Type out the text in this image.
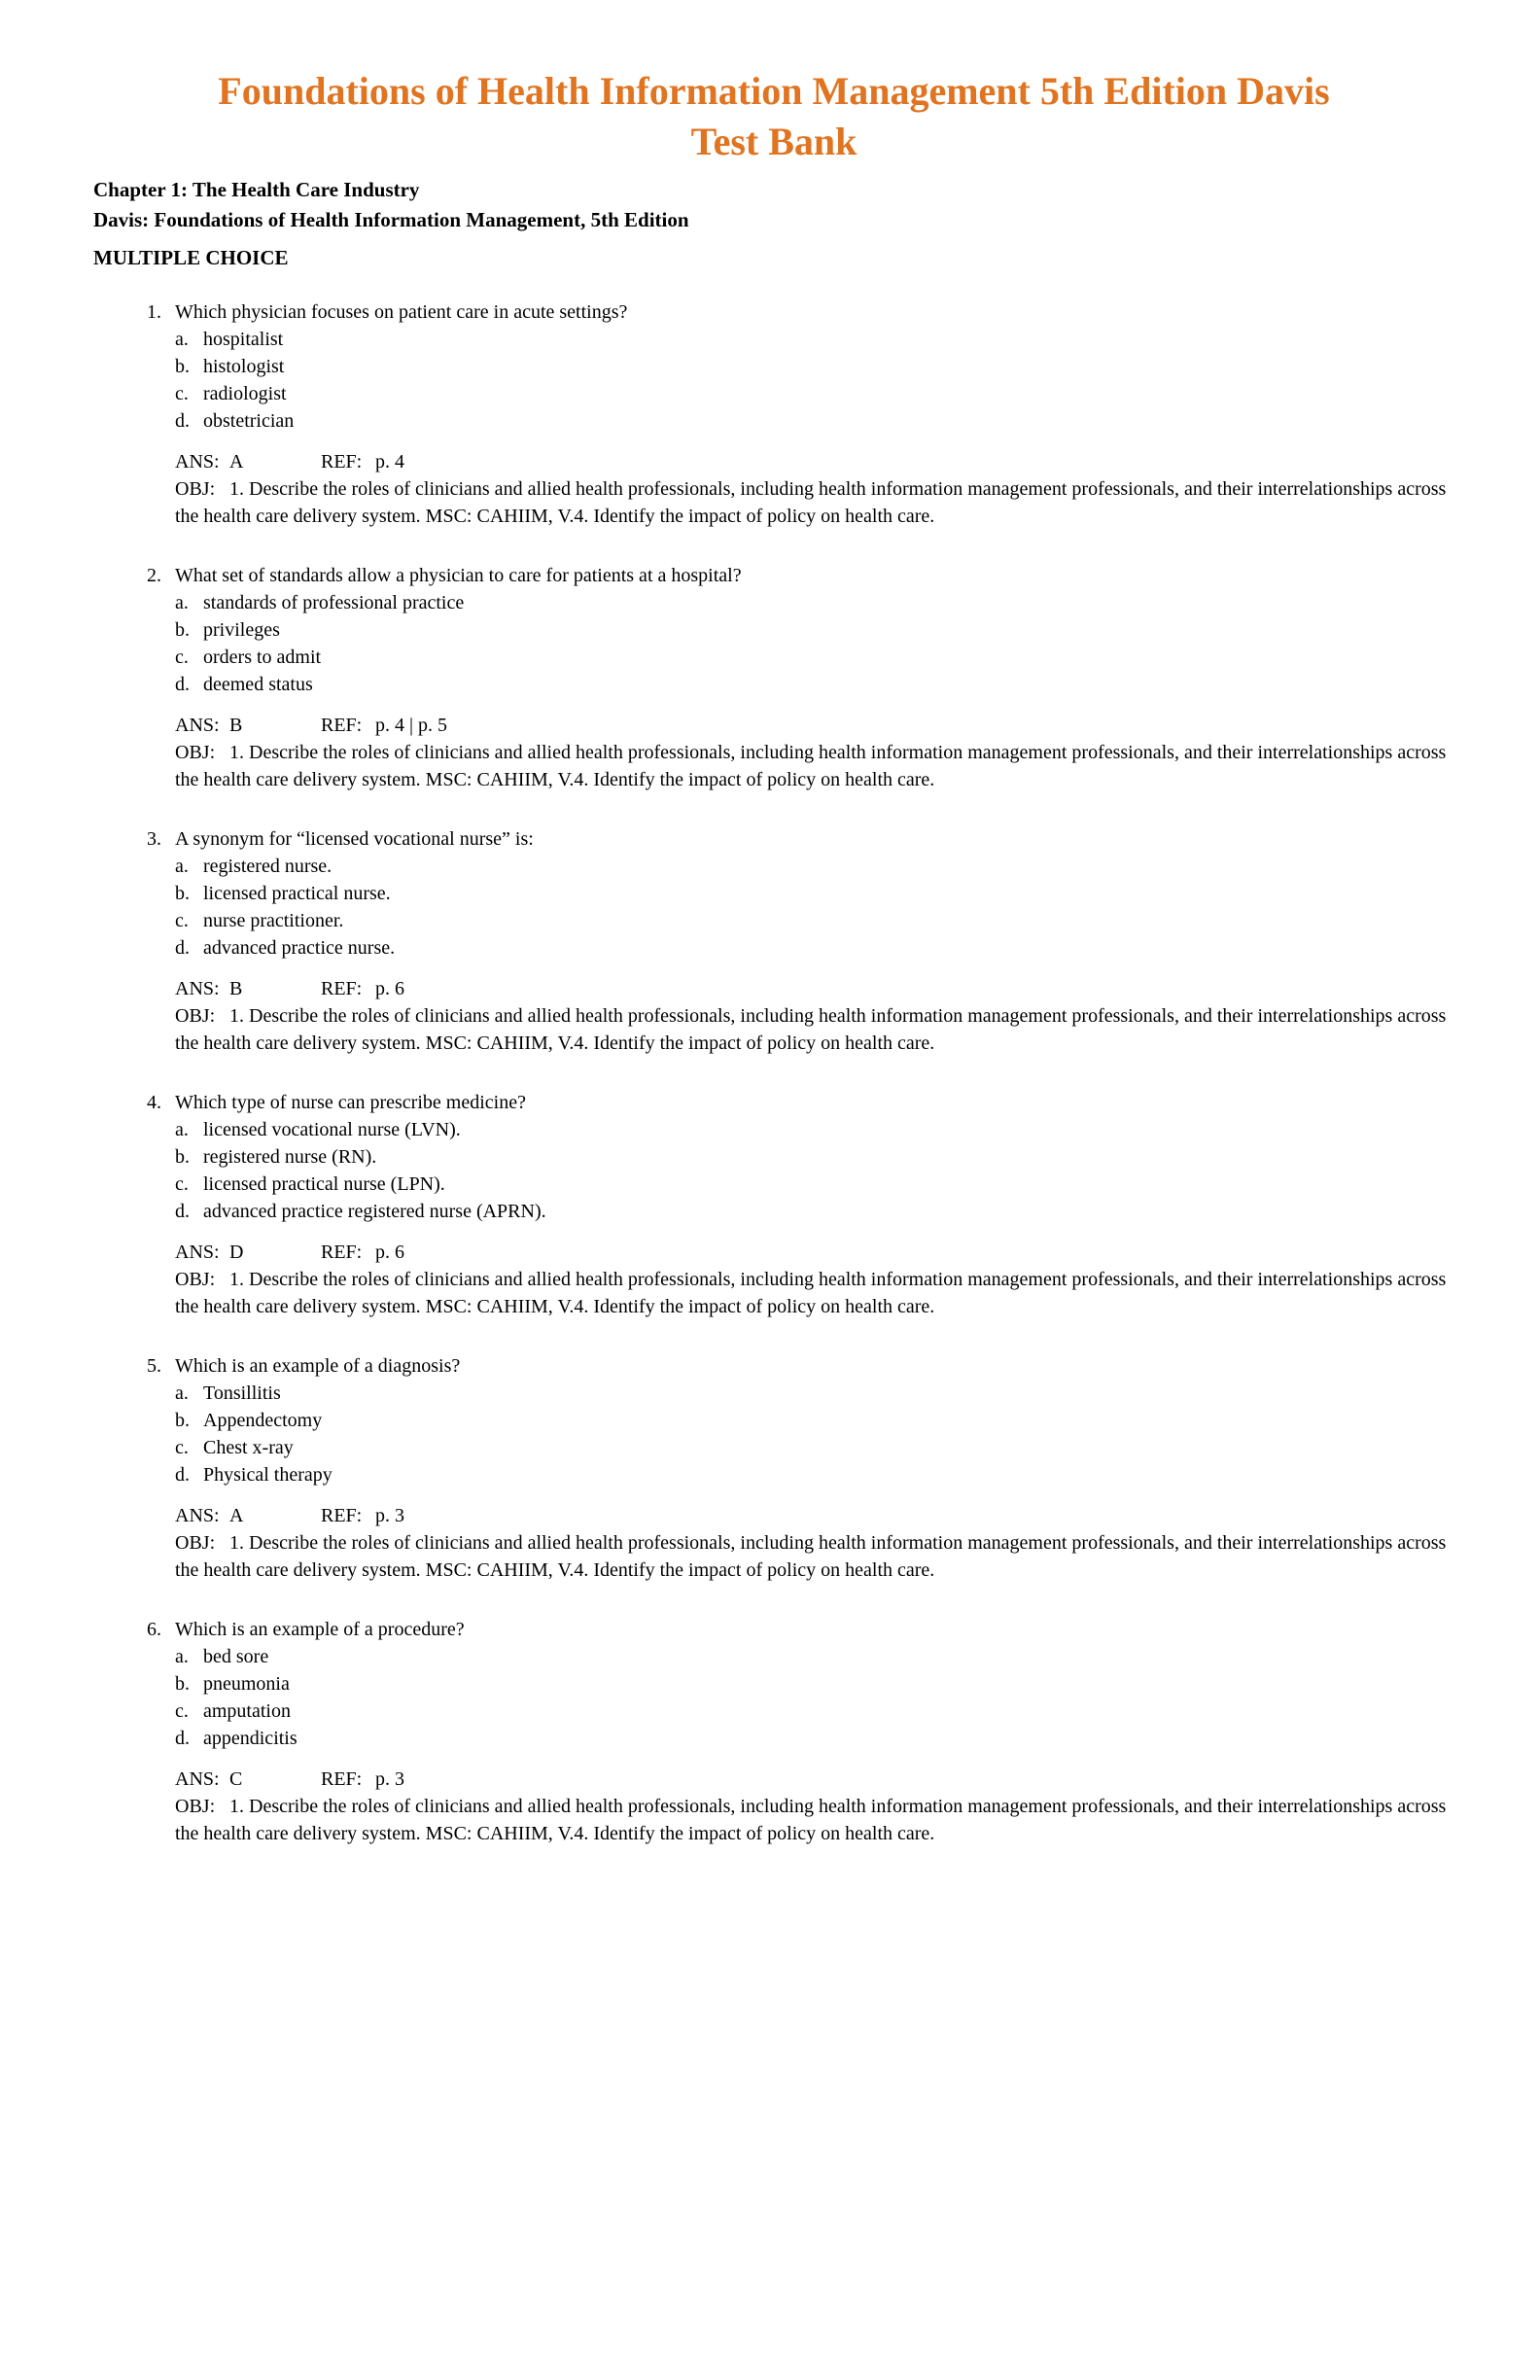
Foundations of Health Information Management 5th Edition Davis
Test Bank

Chapter 1: The Health Care Industry

Davis: Foundations of Health Information Management, 5th Edition

MULTIPLE CHOICE

1. Which physician focuses on patient care in acute settings?
a. hospitalist
b. histologist
c. radiologist
d. obstetrician
ANS: A	REF: p. 4

OBJ: 1. Describe the roles of clinicians and allied health professionals, including health information management professionals, and their interrelationships across the health care delivery system. MSC: CAHIIM, V.4. Identify the impact of policy on health care.

2. What set of standards allow a physician to care for patients at a hospital?
a. standards of professional practice
b. privileges
c. orders to admit
d. deemed status
ANS: B	REF: p. 4 | p. 5

OBJ: 1. Describe the roles of clinicians and allied health professionals, including health information management professionals, and their interrelationships across the health care delivery system. MSC: CAHIIM, V.4. Identify the impact of policy on health care.

3. A synonym for “licensed vocational nurse” is:
a. registered nurse.
b. licensed practical nurse.
c. nurse practitioner.
d. advanced practice nurse.
ANS: B	REF: p. 6

OBJ: 1. Describe the roles of clinicians and allied health professionals, including health information management professionals, and their interrelationships across the health care delivery system. MSC: CAHIIM, V.4. Identify the impact of policy on health care.

4. Which type of nurse can prescribe medicine?
a. licensed vocational nurse (LVN).
b. registered nurse (RN).
c. licensed practical nurse (LPN).
d. advanced practice registered nurse (APRN).
ANS: D	REF: p. 6

OBJ: 1. Describe the roles of clinicians and allied health professionals, including health information management professionals, and their interrelationships across the health care delivery system. MSC: CAHIIM, V.4. Identify the impact of policy on health care.

5. Which is an example of a diagnosis?
a. Tonsillitis
b. Appendectomy
c. Chest x-ray
d. Physical therapy
ANS: A	REF: p. 3

OBJ: 1. Describe the roles of clinicians and allied health professionals, including health information management professionals, and their interrelationships across the health care delivery system. MSC: CAHIIM, V.4. Identify the impact of policy on health care.

6. Which is an example of a procedure?
a. bed sore
b. pneumonia
c. amputation
d. appendicitis
ANS: C	REF: p. 3

OBJ: 1. Describe the roles of clinicians and allied health professionals, including health information management professionals, and their interrelationships across the health care delivery system. MSC: CAHIIM, V.4. Identify the impact of policy on health care.
